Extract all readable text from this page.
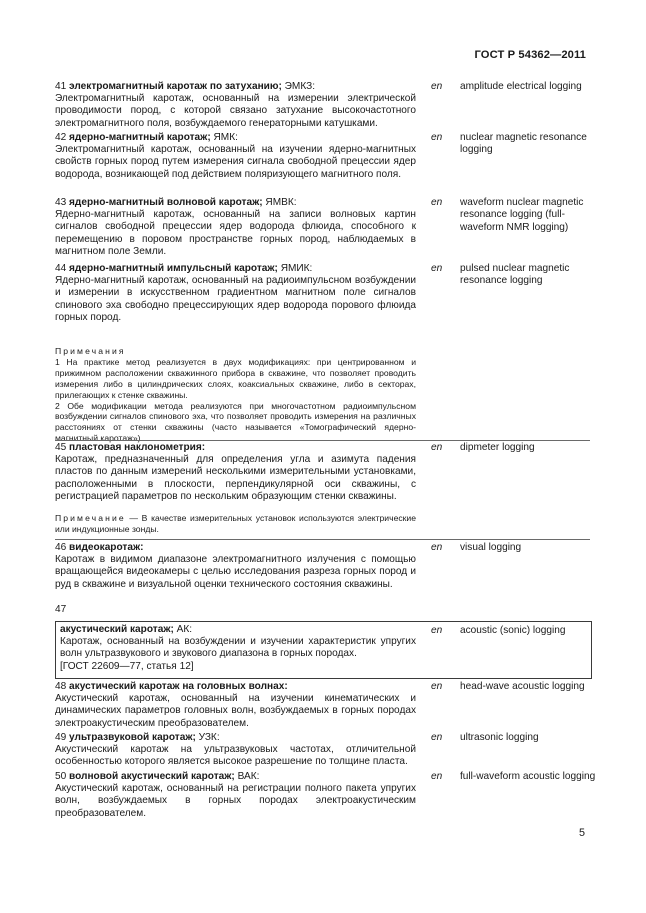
ГОСТ Р 54362—2011

41 электромагнитный каротаж по затуханию; ЭМКЗ:

Электромагнитный каротаж, основанный на измерении электрической проводимости пород, с которой связано затухание высокочастотного электромагнитного поля, возбуждаемого генераторными катушками.

en amplitude electrical logging

42 ядерно-магнитный каротаж; ЯМК:

Электромагнитный каротаж, основанный на изучении ядерно-магнитных свойств горных пород путем измерения сигнала свободной прецессии ядер водорода, возникающей под действием поляризующего магнитного поля.

en nuclear magnetic resonance logging

43 ядерно-магнитный волновой каротаж; ЯМВК:

Ядерно-магнитный каротаж, основанный на записи волновых картин сигналов свободной прецессии ядер водорода флюида, способного к перемещению в поровом пространстве горных пород, наблюдаемых в магнитном поле Земли.

en waveform nuclear magnetic resonance logging (full-waveform NMR logging)

44 ядерно-магнитный импульсный каротаж; ЯМИК:

Ядерно-магнитный каротаж, основанный на радиоимпульсном возбуждении и измерении в искусственном градиентном магнитном поле сигналов спинового эха свободно прецессирующих ядер водорода порового флюида горных пород.

en pulsed nuclear magnetic resonance logging

Примечания

1 На практике метод реализуется в двух модификациях: при центрированном и прижимном расположении скважинного прибора в скважине, что позволяет проводить измерения либо в цилиндрических слоях, коаксиальных скважине, либо в секторах, прилегающих к стенке скважины.

2 Обе модификации метода реализуются при многочастотном радиоимпульсном возбуждении сигналов спинового эха, что позволяет проводить измерения на различных расстояниях от стенки скважины (часто называется «Томографический ядерно-магнитный каротаж»).

45 пластовая наклонометрия:

Каротаж, предназначенный для определения угла и азимута падения пластов по данным измерений несколькими измерительными установками, расположенными в плоскости, перпендикулярной оси скважины, с регистрацией параметров по нескольким образующим стенки скважины.

en dipmeter logging

Примечание — В качестве измерительных установок используются электрические или индукционные зонды.

46 видеокаротаж:

Каротаж в видимом диапазоне электромагнитного излучения с помощью вращающейся видеокамеры с целью исследования разреза горных пород и руд в скважине и визуальной оценки технического состояния скважины.

en visual logging
47

акустический каротаж; АК:

Каротаж, основанный на возбуждении и изучении характеристик упругих волн ультразвукового и звукового диапазона в горных породах.

[ГОСТ 22609—77, статья 12]

en acoustic (sonic) logging

48 акустический каротаж на головных волнах:

Акустический каротаж, основанный на изучении кинематических и динамических параметров головных волн, возбуждаемых в горных породах электроакустическим преобразователем.

en head-wave acoustic logging

49 ультразвуковой каротаж; УЗК:

Акустический каротаж на ультразвуковых частотах, отличительной особенностью которого является высокое разрешение по толщине пласта.

en ultrasonic logging

50 волновой акустический каротаж; ВАК:

Акустический каротаж, основанный на регистрации полного пакета упругих волн, возбуждаемых в горных породах электроакустическим преобразователем.

en full-waveform acoustic logging
5
